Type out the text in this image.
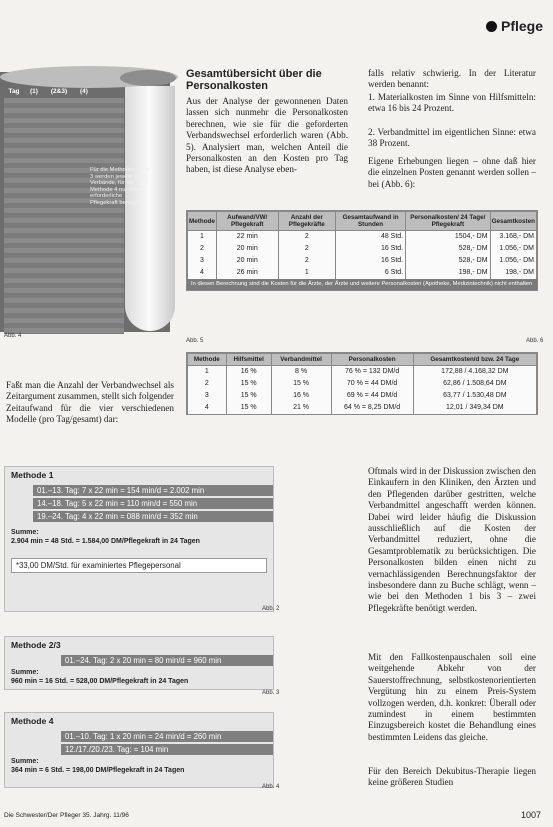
Pflege
Tag	(1)	(2&3)	(4)
Für die Methoden 1 bis 3 werden jeweils zwei Verbände, für die Methode 4 nur eine erforderliche Pflegekraft benötigt.
Abb. 4
Gesamtübersicht über die Personalkosten
Aus der Analyse der gewonnenen Daten lassen sich nunmehr die Personalkosten berechnen, wie sie für die geforderten Verbandswechsel erforderlich waren (Abb. 5). Analysiert man, welchen Anteil die Personalkosten an den Kosten pro Tag haben, ist diese Analyse eben-
falls relativ schwierig. In der Literatur werden benannt:
1. Materialkosten im Sinne von Hilfsmitteln: etwa 16 bis 24 Prozent.
2. Verbandmittel im eigentlichen Sinne: etwa 38 Prozent.
Eigene Erhebungen liegen – ohne daß hier die einzelnen Posten genannt werden sollen – bei (Abb. 6):
Methode	Aufwand/VW/ Pflegekraft	Anzahl der Pflegekräfte	Gesamtaufwand in Stunden	Personalkosten/ 24 Tage/ Pflegekraft	Gesamtkosten
1	22 min	2	48 Std.	1504,- DM	3.168,- DM
2	20 min	2	16 Std.	528,- DM	1.056,- DM
3	20 min	2	16 Std.	528,- DM	1.056,- DM
4	26 min	1	6 Std.	198,- DM	198,- DM
In diesen Berechnung sind die Kosten für die Ärzte, der Ärzte und weitere Personalkosten (Apotheke, Medizintechnik) nicht enthalten
Abb. 5	Abb. 6
Methode	Hilfsmittel	Verbandmittel	Personalkosten	Gesamtkosten/d bzw. 24 Tage
1	16 %	8 %	76 % = 132 DM/d	172,88 / 4.168,32 DM
2	15 %	15 %	70 % = 44 DM/d	62,86 / 1.508,64 DM
3	15 %	16 %	69 % = 44 DM/d	63,77 / 1.530,48 DM
4	15 %	21 %	64 % = 8,25 DM/d	12,01 / 349,34 DM
Faßt man die Anzahl der Verbandwechsel als Zeitargument zusammen, stellt sich folgender Zeitaufwand für die vier verschiedenen Modelle (pro Tag/gesamt) dar:
Methode 1
01.–13. Tag: 7 x 22 min = 154 min/d = 2.002 min
14.–18. Tag: 5 x 22 min = 110 min/d = 550 min
19.–24. Tag: 4 x 22 min = 088 min/d = 352 min
Summe:
2.904 min = 48 Std. = 1.584,00 DM/Pflegekraft in 24 Tagen
*33,00 DM/Std. für examiniertes Pflegepersonal
Abb. 2
Methode 2/3
01.–24. Tag: 2 x 20 min = 80 min/d = 960 min
Summe:
960 min = 16 Std. = 528,00 DM/Pflegekraft in 24 Tagen
Abb. 3
Methode 4
01.–10. Tag: 1 x 20 min = 24 min/d = 260 min
12./17./20./23. Tag: = 104 min
Summe:
364 min = 6 Std. = 198,00 DM/Pflegekraft in 24 Tagen
Abb. 4
Oftmals wird in der Diskussion zwischen den Einkaufern in den Kliniken, den Ärzten und den Pflegenden darüber gestritten, welche Verbandmittel angeschafft werden können. Dabei wird leider häufig die Diskussion ausschließlich auf die Kosten der Verbandmittel reduziert, ohne die Gesamtproblematik zu berücksichtigen. Die Personalkosten bilden einen nicht zu vernachlässigenden Berechnungsfaktor der insbesondere dann zu Buche schlägt, wenn – wie bei den Methoden 1 bis 3 – zwei Pflegekräfte benötigt werden.
Mit den Fallkostenpauschalen soll eine weitgehende Abkehr von der Sauerstoffrechnung, selbstkostenorientierten Vergütung hin zu einem Preis-System vollzogen werden, d.h. konkret: Überall oder zumindest in einem bestimmten Einzugsbereich kostet die Behandlung eines bestimmten Leidens das gleiche.
Für den Bereich Dekubitus-Therapie liegen keine größeren Studien
Die Schwester/Der Pfleger 35. Jahrg. 11/96	1007
